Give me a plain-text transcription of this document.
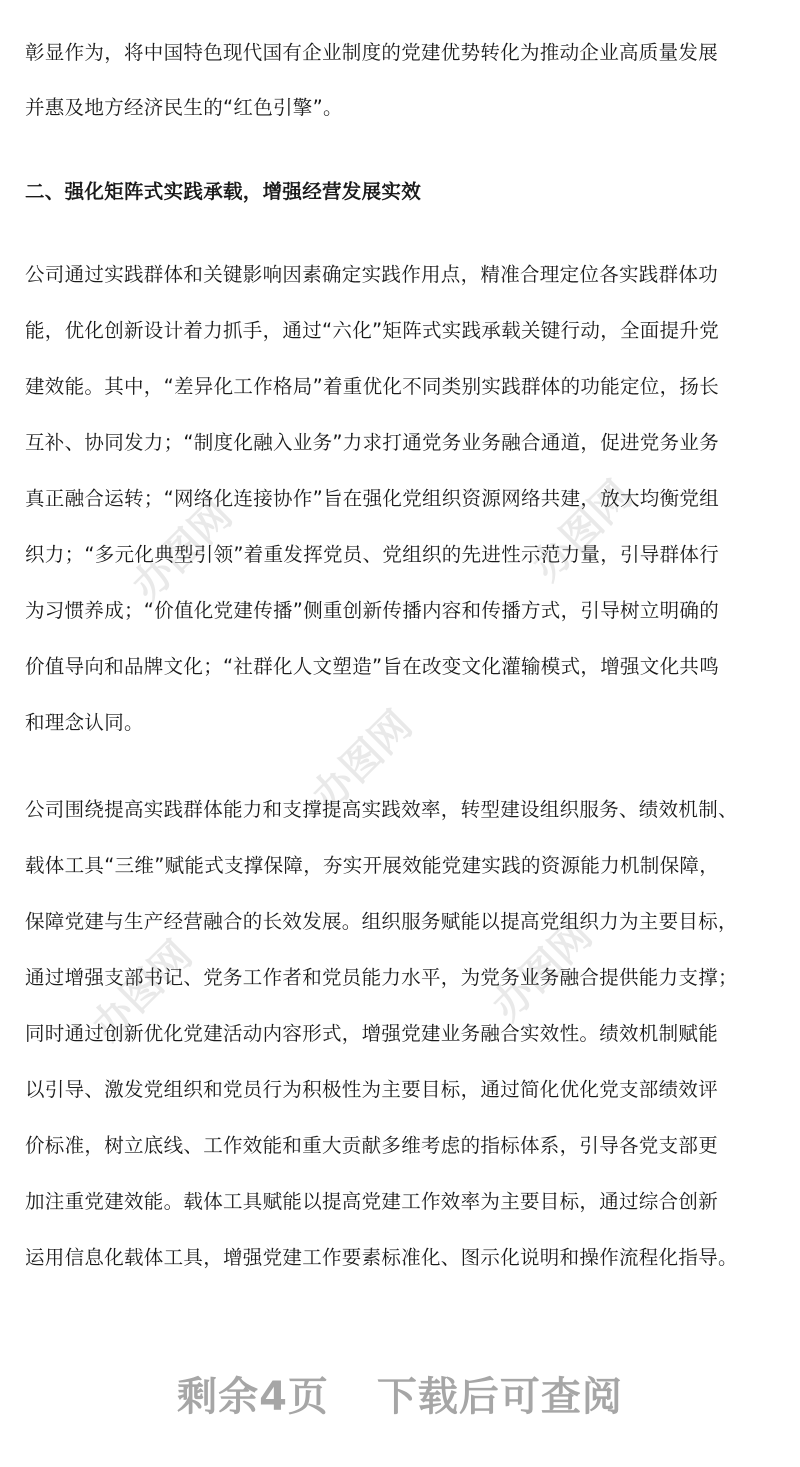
办图网	办图网
办图网
办图网	办图网
彰显作为，将中国特色现代国有企业制度的党建优势转化为推动企业高质量发展
并惠及地方经济民生的“红色引擎”。
二、强化矩阵式实践承载，增强经营发展实效
公司通过实践群体和关键影响因素确定实践作用点，精准合理定位各实践群体功
能，优化创新设计着力抓手，通过“六化”矩阵式实践承载关键行动，全面提升党
建效能。其中，“差异化工作格局”着重优化不同类别实践群体的功能定位，扬长
互补、协同发力；“制度化融入业务”力求打通党务业务融合通道，促进党务业务
真正融合运转；“网络化连接协作”旨在强化党组织资源网络共建，放大均衡党组
织力；“多元化典型引领”着重发挥党员、党组织的先进性示范力量，引导群体行
为习惯养成；“价值化党建传播”侧重创新传播内容和传播方式，引导树立明确的
价值导向和品牌文化；“社群化人文塑造”旨在改变文化灌输模式，增强文化共鸣
和理念认同。
公司围绕提高实践群体能力和支撑提高实践效率，转型建设组织服务、绩效机制、
载体工具“三维”赋能式支撑保障，夯实开展效能党建实践的资源能力机制保障，
保障党建与生产经营融合的长效发展。组织服务赋能以提高党组织力为主要目标，
通过增强支部书记、党务工作者和党员能力水平，为党务业务融合提供能力支撑；
同时通过创新优化党建活动内容形式，增强党建业务融合实效性。绩效机制赋能
以引导、激发党组织和党员行为积极性为主要目标，通过简化优化党支部绩效评
价标准，树立底线、工作效能和重大贡献多维考虑的指标体系，引导各党支部更
加注重党建效能。载体工具赋能以提高党建工作效率为主要目标，通过综合创新
运用信息化载体工具，增强党建工作要素标准化、图示化说明和操作流程化指导。
剩余4页 下载后可查阅
